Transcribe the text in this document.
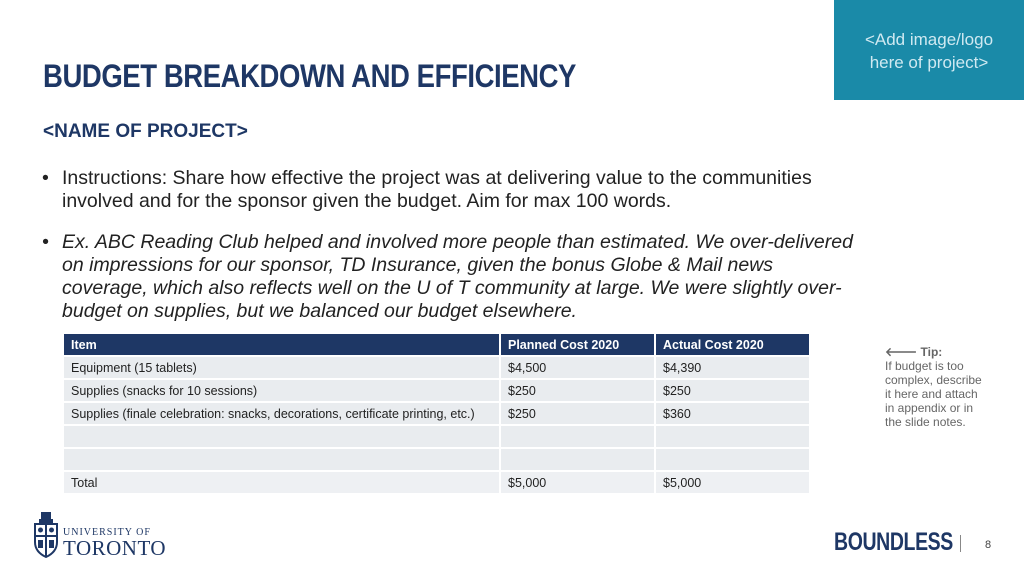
<Add image/logo
here of project>
BUDGET BREAKDOWN AND EFFICIENCY
<NAME OF PROJECT>
• Instructions: Share how effective the project was at delivering value to the communities
involved and for the sponsor given the budget. Aim for max 100 words.
• Ex. ABC Reading Club helped and involved more people than estimated. We over-delivered
on impressions for our sponsor, TD Insurance, given the bonus Globe & Mail news
coverage, which also reflects well on the U of T community at large. We were slightly over-
budget on supplies, but we balanced our budget elsewhere.
Item	Planned Cost 2020	Actual Cost 2020
Equipment (15 tablets)	$4,500	$4,390
Supplies (snacks for 10 sessions)	$250	$250
Supplies (finale celebration: snacks, decorations, certificate printing, etc.)	$250	$360

Total	$5,000	$5,000
🡐 Tip:
If budget is too
complex, describe
it here and attach
in appendix or in
the slide notes.
UNIVERSITY OF
TORONTO	BOUNDLESS	8
